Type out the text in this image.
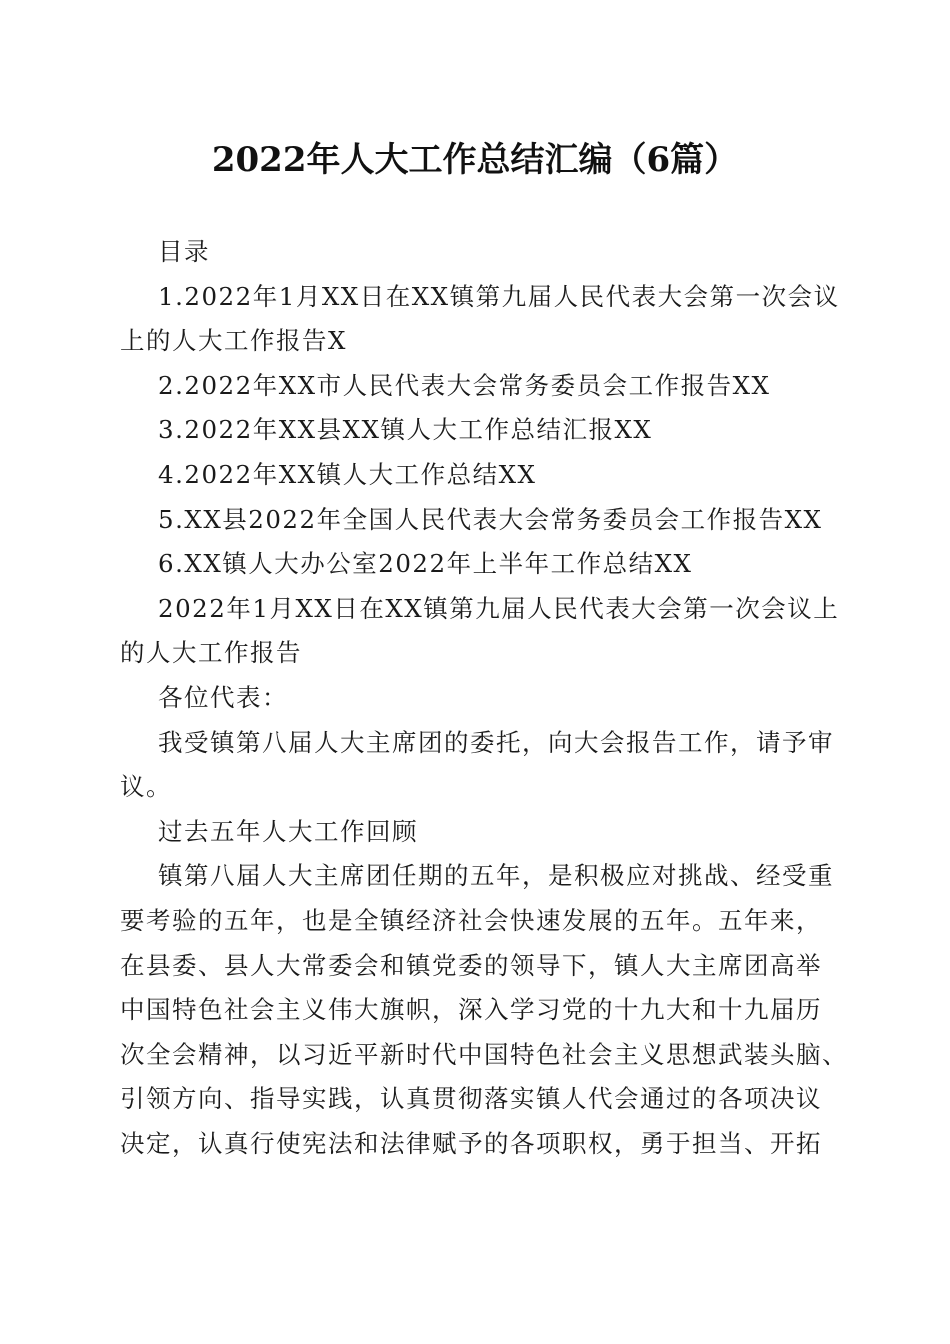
2022年人大工作总结汇编（6篇）
目录
1.2022年1月XX日在XX镇第九届人民代表大会第一次会议
上的人大工作报告X
2.2022年XX市人民代表大会常务委员会工作报告XX
3.2022年XX县XX镇人大工作总结汇报XX
4.2022年XX镇人大工作总结XX
5.XX县2022年全国人民代表大会常务委员会工作报告XX
6.XX镇人大办公室2022年上半年工作总结XX
2022年1月XX日在XX镇第九届人民代表大会第一次会议上
的人大工作报告
各位代表：
我受镇第八届人大主席团的委托，向大会报告工作，请予审
议。
过去五年人大工作回顾
镇第八届人大主席团任期的五年，是积极应对挑战、经受重
要考验的五年，也是全镇经济社会快速发展的五年。五年来，
在县委、县人大常委会和镇党委的领导下，镇人大主席团高举
中国特色社会主义伟大旗帜，深入学习党的十九大和十九届历
次全会精神，以习近平新时代中国特色社会主义思想武装头脑、
引领方向、指导实践，认真贯彻落实镇人代会通过的各项决议
决定，认真行使宪法和法律赋予的各项职权，勇于担当、开拓
